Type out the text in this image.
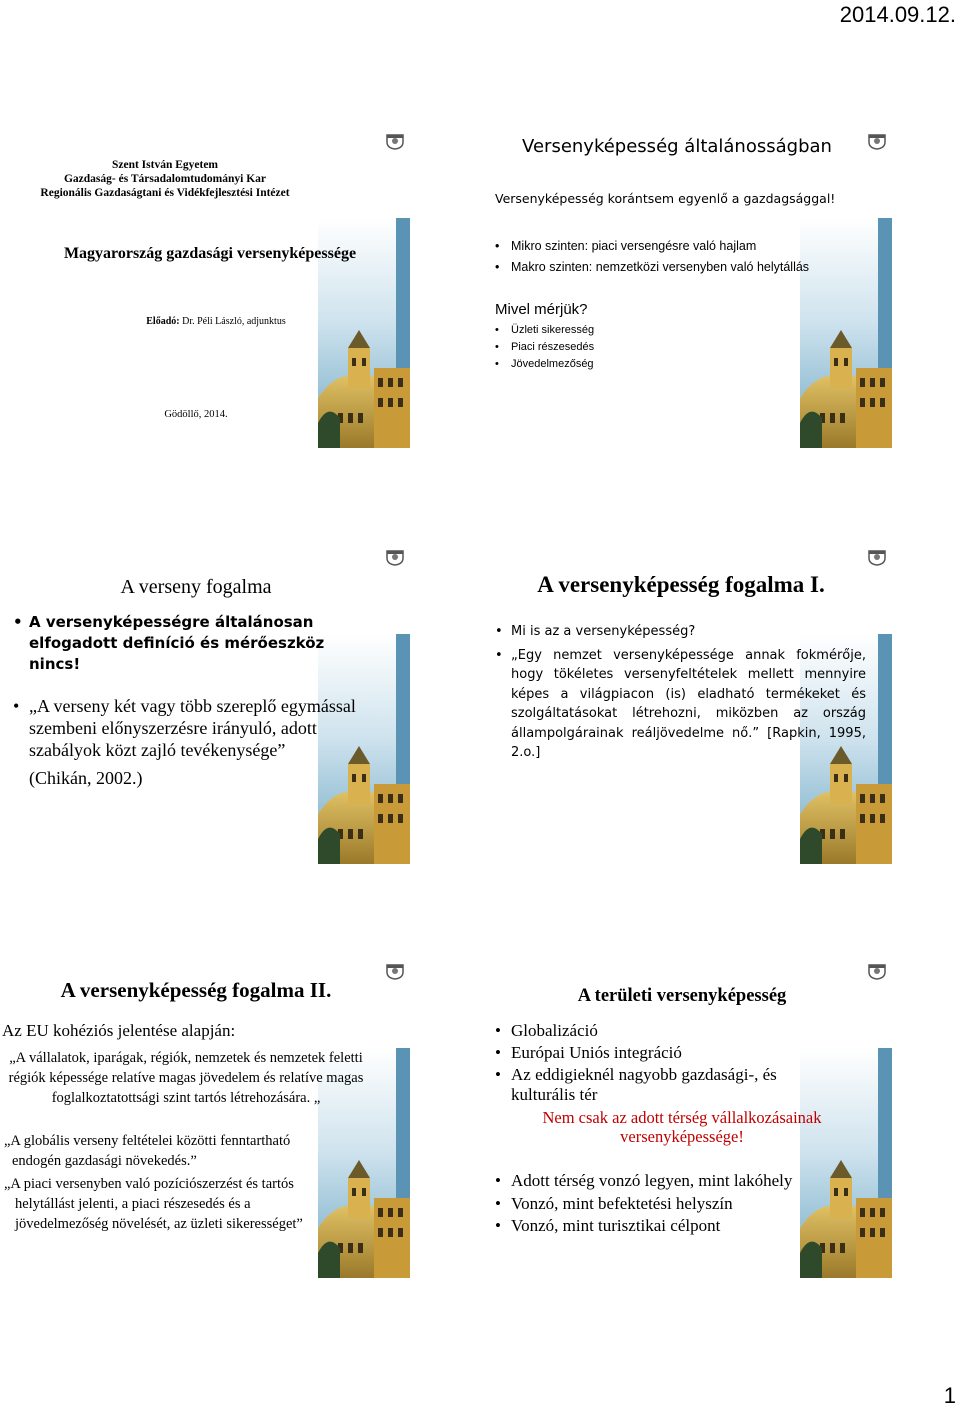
2014.09.12.
Szent István Egyetem
Gazdaság- és Társadalomtudományi Kar
Regionális Gazdaságtani és Vidékfejlesztési Intézet
Magyarország gazdasági versenyképessége
Előadó: Dr. Péli László, adjunktus
Gödöllő, 2014.
Versenyképesség általánosságban
Versenyképesség korántsem egyenlő a gazdagsággal!
• Mikro szinten: piaci versengésre való hajlam
• Makro szinten: nemzetközi versenyben való helytállás
Mivel mérjük?
• Üzleti sikeresség
• Piaci részesedés
• Jövedelmezőség
A verseny fogalma
• A versenyképességre általánosan elfogadott definíció és mérőeszköz nincs!
• „A verseny két vagy több szereplő egymással szembeni előnyszerzésre irányuló, adott szabályok közt zajló tevékenysége”
(Chikán, 2002.)
A versenyképesség fogalma I.
• Mi is az a versenyképesség?
• „Egy nemzet versenyképessége annak fokmérője, hogy tökéletes versenyfeltételek mellett mennyire képes a világpiacon (is) eladható termékeket és szolgáltatásokat létrehozni, miközben az ország állampolgárainak reáljövedelme nő.” [Rapkin, 1995, 2.o.]
A versenyképesség fogalma II.
Az EU kohéziós jelentése alapján:
„A vállalatok, iparágak, régiók, nemzetek és nemzetek feletti régiók képessége relatíve magas jövedelem és relatíve magas foglalkoztatottsági szint tartós létrehozására. „
„A globális verseny feltételei közötti fenntartható endogén gazdasági növekedés.”
„A piaci versenyben való pozíciószerzést és tartós helytállást jelenti, a piaci részesedés és a jövedelmezőség növelését, az üzleti sikerességet”
A területi versenyképesség
• Globalizáció
• Európai Uniós integráció
• Az eddigieknél nagyobb gazdasági-, és kulturális tér
Nem csak az adott térség vállalkozásainak versenyképessége!
• Adott térség vonzó legyen, mint lakóhely
• Vonzó, mint befektetési helyszín
• Vonzó, mint turisztikai célpont
1
